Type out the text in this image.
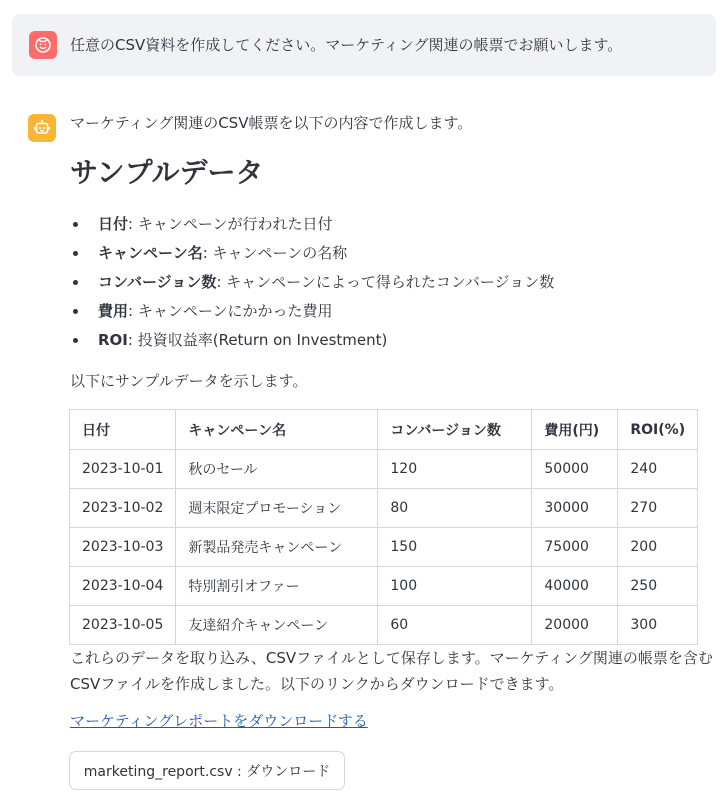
任意のCSV資料を作成してください。マーケティング関連の帳票でお願いします。
マーケティング関連のCSV帳票を以下の内容で作成します。
サンプルデータ
日付: キャンペーンが行われた日付
キャンペーン名: キャンペーンの名称
コンバージョン数: キャンペーンによって得られたコンバージョン数
費用: キャンペーンにかかった費用
ROI: 投資収益率(Return on Investment)
以下にサンプルデータを示します。
日付	キャンペーン名	コンバージョン数	費用(円)	ROI(%)
2023-10-01	秋のセール	120	50000	240
2023-10-02	週末限定プロモーション	80	30000	270
2023-10-03	新製品発売キャンペーン	150	75000	200
2023-10-04	特別割引オファー	100	40000	250
2023-10-05	友達紹介キャンペーン	60	20000	300
これらのデータを取り込み、CSVファイルとして保存します。マーケティング関連の帳票を含むCSVファイルを作成しました。以下のリンクからダウンロードできます。
マーケティングレポートをダウンロードする
marketing_report.csv : ダウンロード
